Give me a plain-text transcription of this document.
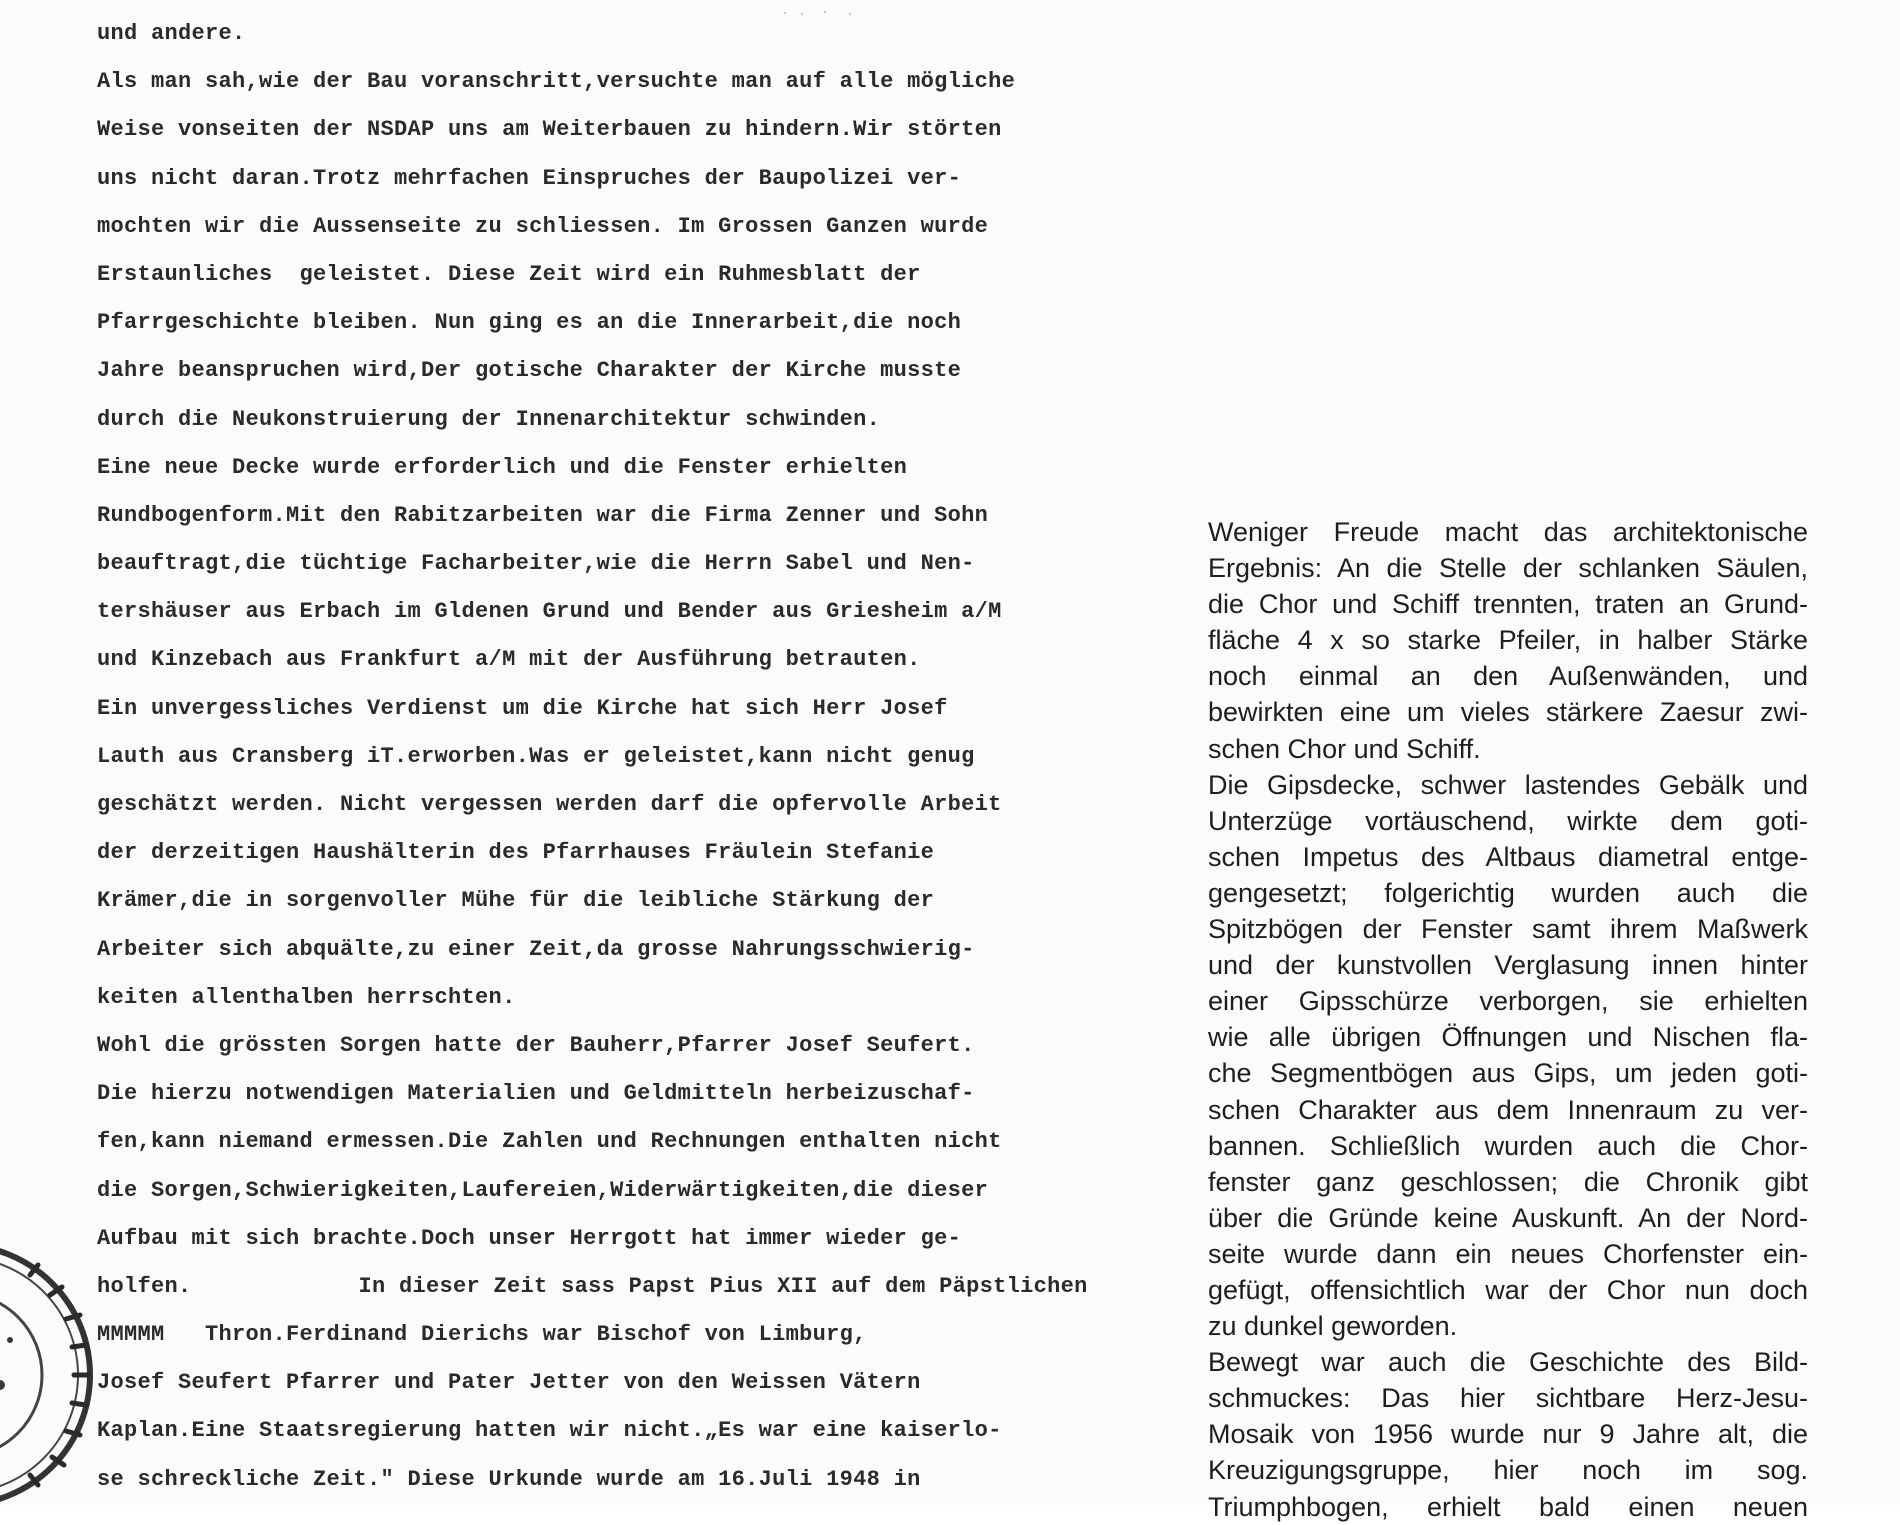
und andere.
Als man sah,wie der Bau voranschritt,versuchte man auf alle mögliche
Weise vonseiten der NSDAP uns am Weiterbauen zu hindern.Wir störten
uns nicht daran.Trotz mehrfachen Einspruches der Baupolizei ver-
mochten wir die Aussenseite zu schliessen. Im Grossen Ganzen wurde
Erstaunliches  geleistet. Diese Zeit wird ein Ruhmesblatt der
Pfarrgeschichte bleiben. Nun ging es an die Innerarbeit,die noch
Jahre beanspruchen wird,Der gotische Charakter der Kirche musste
durch die Neukonstruierung der Innenarchitektur schwinden.
Eine neue Decke wurde erforderlich und die Fenster erhielten
Rundbogenform.Mit den Rabitzarbeiten war die Firma Zenner und Sohn
beauftragt,die tüchtige Facharbeiter,wie die Herrn Sabel und Nen-
tershäuser aus Erbach im Gldenen Grund und Bender aus Griesheim a/M
und Kinzebach aus Frankfurt a/M mit der Ausführung betrauten.
Ein unvergessliches Verdienst um die Kirche hat sich Herr Josef
Lauth aus Cransberg iT.erworben.Was er geleistet,kann nicht genug
geschätzt werden. Nicht vergessen werden darf die opfervolle Arbeit
der derzeitigen Haushälterin des Pfarrhauses Fräulein Stefanie
Krämer,die in sorgenvoller Mühe für die leibliche Stärkung der
Arbeiter sich abquälte,zu einer Zeit,da grosse Nahrungsschwierig-
keiten allenthalben herrschten.
Wohl die grössten Sorgen hatte der Bauherr,Pfarrer Josef Seufert.
Die hierzu notwendigen Materialien und Geldmitteln herbeizuschaf-
fen,kann niemand ermessen.Die Zahlen und Rechnungen enthalten nicht
die Sorgen,Schwierigkeiten,Laufereien,Widerwärtigkeiten,die dieser
Aufbau mit sich brachte.Doch unser Herrgott hat immer wieder ge-
holfen.	In dieser Zeit sass Papst Pius XII auf dem Päpstlichen
MMMMM   Thron.Ferdinand Dierichs war Bischof von Limburg,
Josef Seufert Pfarrer und Pater Jetter von den Weissen Vätern
Kaplan.Eine Staatsregierung hatten wir nicht.„Es war eine kaiserlo-
se schreckliche Zeit." Diese Urkunde wurde am 16.Juli 1948 in
Weniger Freude macht das architektonische
Ergebnis: An die Stelle der schlanken Säulen,
die Chor und Schiff trennten, traten an Grund-
fläche 4 x so starke Pfeiler, in halber Stärke
noch einmal an den Außenwänden, und
bewirkten eine um vieles stärkere Zaesur zwi-
schen Chor und Schiff.
Die Gipsdecke, schwer lastendes Gebälk und
Unterzüge vortäuschend, wirkte dem goti-
schen Impetus des Altbaus diametral entge-
gengesetzt; folgerichtig wurden auch die
Spitzbögen der Fenster samt ihrem Maßwerk
und der kunstvollen Verglasung innen hinter
einer Gipsschürze verborgen, sie erhielten
wie alle übrigen Öffnungen und Nischen fla-
che Segmentbögen aus Gips, um jeden goti-
schen Charakter aus dem Innenraum zu ver-
bannen. Schließlich wurden auch die Chor-
fenster ganz geschlossen; die Chronik gibt
über die Gründe keine Auskunft. An der Nord-
seite wurde dann ein neues Chorfenster ein-
gefügt, offensichtlich war der Chor nun doch
zu dunkel geworden.
Bewegt war auch die Geschichte des Bild-
schmuckes: Das hier sichtbare Herz-Jesu-
Mosaik von 1956 wurde nur 9 Jahre alt, die
Kreuzigungsgruppe, hier noch im sog.
Triumphbogen, erhielt bald einen neuen
